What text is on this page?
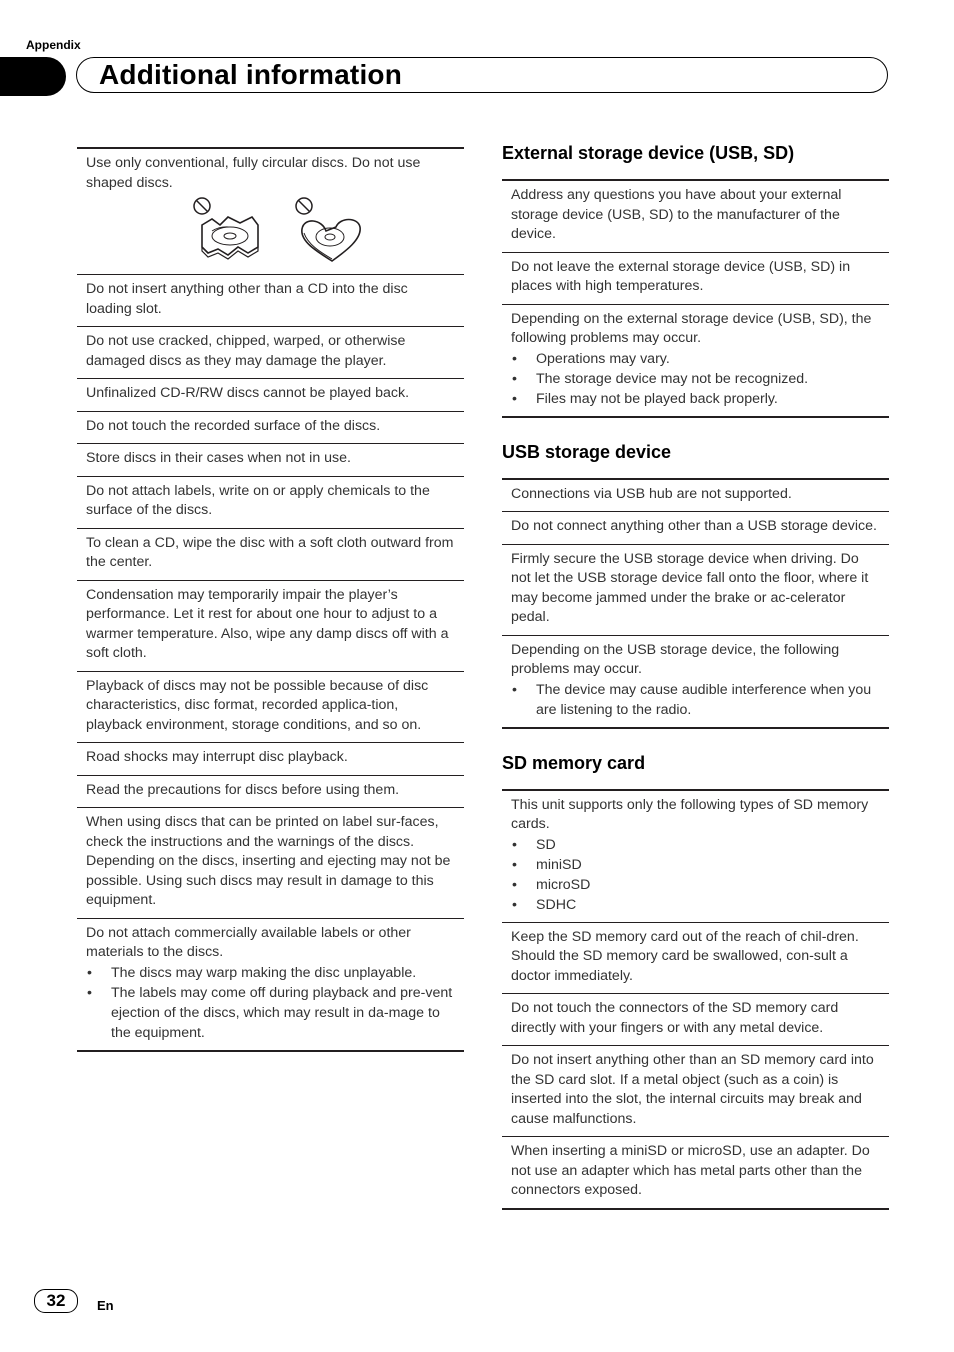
Appendix
Additional information
Use only conventional, fully circular discs. Do not use shaped discs.
Do not insert anything other than a CD into the disc loading slot.
Do not use cracked, chipped, warped, or otherwise damaged discs as they may damage the player.
Unfinalized CD-R/RW discs cannot be played back.
Do not touch the recorded surface of the discs.
Store discs in their cases when not in use.
Do not attach labels, write on or apply chemicals to the surface of the discs.
To clean a CD, wipe the disc with a soft cloth outward from the center.
Condensation may temporarily impair the player’s performance. Let it rest for about one hour to adjust to a warmer temperature. Also, wipe any damp discs off with a soft cloth.
Playback of discs may not be possible because of disc characteristics, disc format, recorded applica-tion, playback environment, storage conditions, and so on.
Road shocks may interrupt disc playback.
Read the precautions for discs before using them.
When using discs that can be printed on label sur-faces, check the instructions and the warnings of the discs. Depending on the discs, inserting and ejecting may not be possible. Using such discs may result in damage to this equipment.
Do not attach commercially available labels or other materials to the discs.
• The discs may warp making the disc unplayable.
• The labels may come off during playback and pre-vent ejection of the discs, which may result in da-mage to the equipment.
External storage device (USB, SD)
Address any questions you have about your external storage device (USB, SD) to the manufacturer of the device.
Do not leave the external storage device (USB, SD) in places with high temperatures.
Depending on the external storage device (USB, SD), the following problems may occur.
• Operations may vary.
• The storage device may not be recognized.
• Files may not be played back properly.
USB storage device
Connections via USB hub are not supported.
Do not connect anything other than a USB storage device.
Firmly secure the USB storage device when driving. Do not let the USB storage device fall onto the floor, where it may become jammed under the brake or ac-celerator pedal.
Depending on the USB storage device, the following problems may occur.
• The device may cause audible interference when you are listening to the radio.
SD memory card
This unit supports only the following types of SD memory cards.
• SD
• miniSD
• microSD
• SDHC
Keep the SD memory card out of the reach of chil-dren. Should the SD memory card be swallowed, con-sult a doctor immediately.
Do not touch the connectors of the SD memory card directly with your fingers or with any metal device.
Do not insert anything other than an SD memory card into the SD card slot. If a metal object (such as a coin) is inserted into the slot, the internal circuits may break and cause malfunctions.
When inserting a miniSD or microSD, use an adapter. Do not use an adapter which has metal parts other than the connectors exposed.
32	En
